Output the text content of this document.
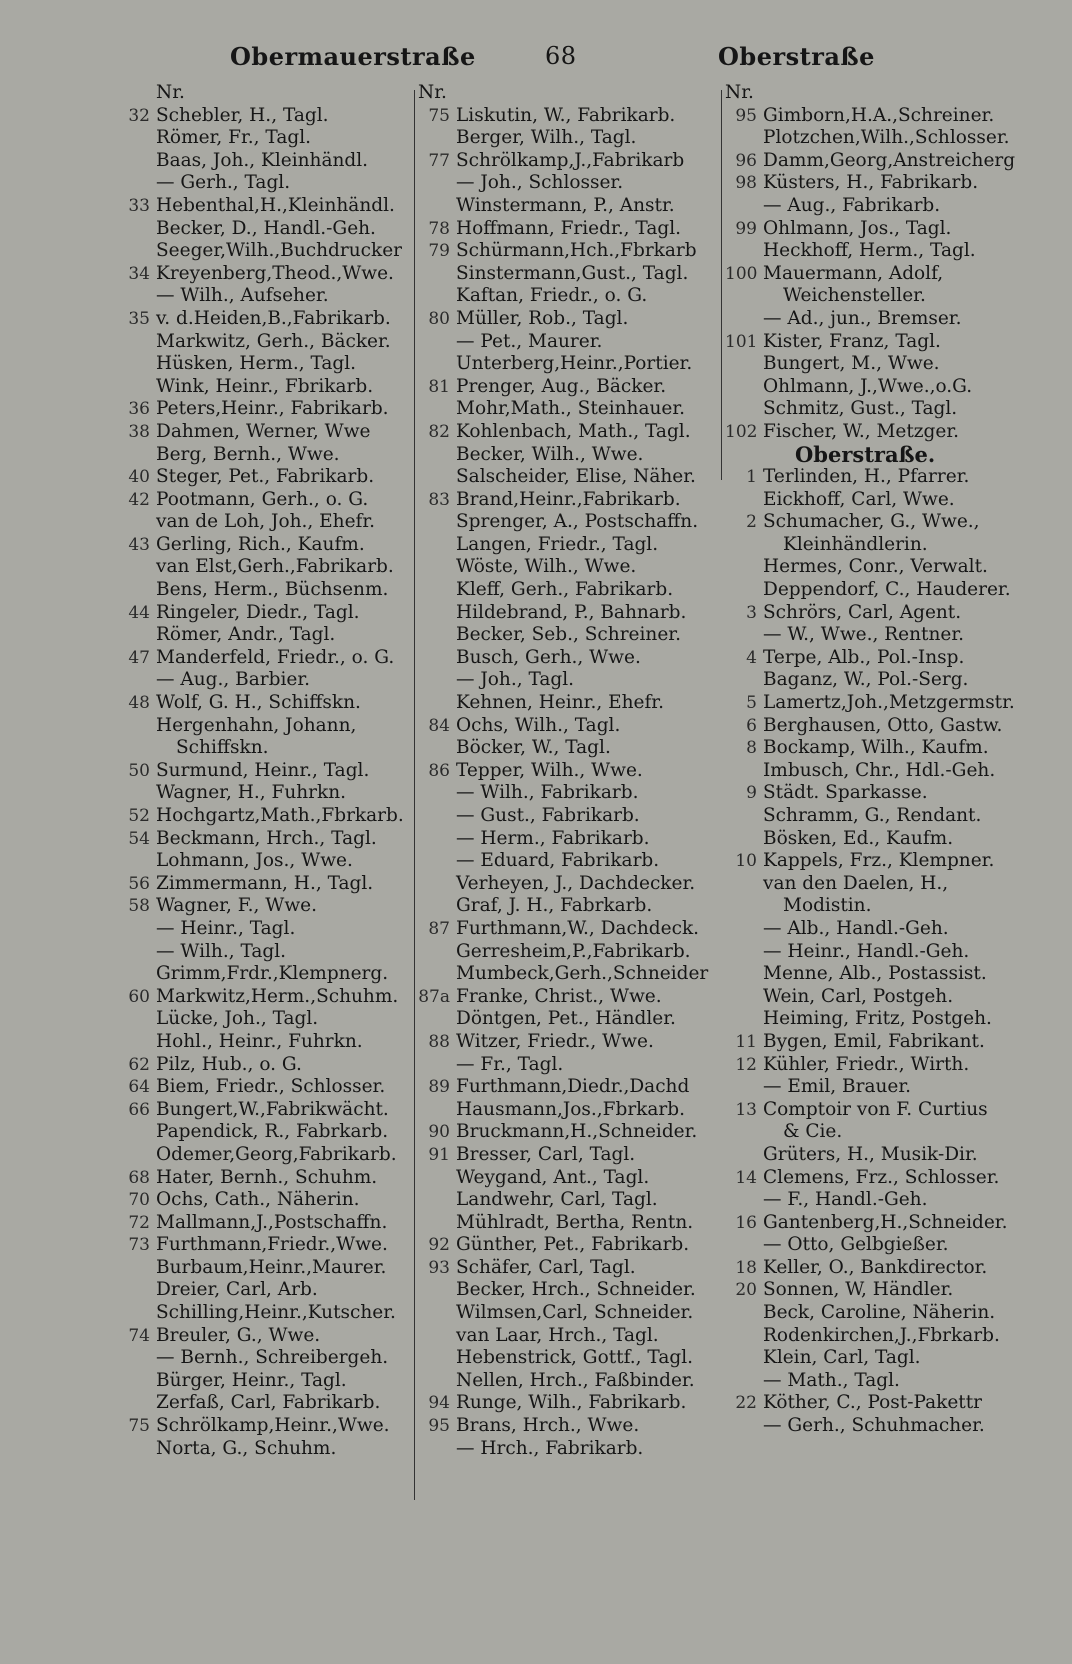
Obermauerstraße	68	Oberstraße
Nr.
32 Schebler, H., Tagl.
Römer, Fr., Tagl.
Baas, Joh., Kleinhändl.
— Gerh., Tagl.
33 Hebenthal,H.,Kleinhändl.
Becker, D., Handl.-Geh.
Seeger,Wilh.,Buchdrucker
34 Kreyenberg,Theod.,Wwe.
— Wilh., Aufseher.
35 v. d.Heiden,B.,Fabrikarb.
Markwitz, Gerh., Bäcker.
Hüsken, Herm., Tagl.
Wink, Heinr., Fbrikarb.
36 Peters,Heinr., Fabrikarb.
38 Dahmen, Werner, Wwe
Berg, Bernh., Wwe.
40 Steger, Pet., Fabrikarb.
42 Pootmann, Gerh., o. G.
van de Loh, Joh., Ehefr.
43 Gerling, Rich., Kaufm.
van Elst,Gerh.,Fabrikarb.
Bens, Herm., Büchsenm.
44 Ringeler, Diedr., Tagl.
Römer, Andr., Tagl.
47 Manderfeld, Friedr., o. G.
— Aug., Barbier.
48 Wolf, G. H., Schiffskn.
Hergenhahn, Johann,
Schiffskn.
50 Surmund, Heinr., Tagl.
Wagner, H., Fuhrkn.
52 Hochgartz,Math.,Fbrkarb.
54 Beckmann, Hrch., Tagl.
Lohmann, Jos., Wwe.
56 Zimmermann, H., Tagl.
58 Wagner, F., Wwe.
— Heinr., Tagl.
— Wilh., Tagl.
Grimm,Frdr.,Klempnerg.
60 Markwitz,Herm.,Schuhm.
Lücke, Joh., Tagl.
Hohl., Heinr., Fuhrkn.
62 Pilz, Hub., o. G.
64 Biem, Friedr., Schlosser.
66 Bungert,W.,Fabrikwächt.
Papendick, R., Fabrkarb.
Odemer,Georg,Fabrikarb.
68 Hater, Bernh., Schuhm.
70 Ochs, Cath., Näherin.
72 Mallmann,J.,Postschaffn.
73 Furthmann,Friedr.,Wwe.
Burbaum,Heinr.,Maurer.
Dreier, Carl, Arb.
Schilling,Heinr.,Kutscher.
74 Breuler, G., Wwe.
— Bernh., Schreibergeh.
Bürger, Heinr., Tagl.
Zerfaß, Carl, Fabrikarb.
75 Schrölkamp,Heinr.,Wwe.
Norta, G., Schuhm.
Nr.
75 Liskutin, W., Fabrikarb.
Berger, Wilh., Tagl.
77 Schrölkamp,J.,Fabrikarb
— Joh., Schlosser.
Winstermann, P., Anstr.
78 Hoffmann, Friedr., Tagl.
79 Schürmann,Hch.,Fbrkarb
Sinstermann,Gust., Tagl.
Kaftan, Friedr., o. G.
80 Müller, Rob., Tagl.
— Pet., Maurer.
Unterberg,Heinr.,Portier.
81 Prenger, Aug., Bäcker.
Mohr,Math., Steinhauer.
82 Kohlenbach, Math., Tagl.
Becker, Wilh., Wwe.
Salscheider, Elise, Näher.
83 Brand,Heinr.,Fabrikarb.
Sprenger, A., Postschaffn.
Langen, Friedr., Tagl.
Wöste, Wilh., Wwe.
Kleff, Gerh., Fabrikarb.
Hildebrand, P., Bahnarb.
Becker, Seb., Schreiner.
Busch, Gerh., Wwe.
— Joh., Tagl.
Kehnen, Heinr., Ehefr.
84 Ochs, Wilh., Tagl.
Böcker, W., Tagl.
86 Tepper, Wilh., Wwe.
— Wilh., Fabrikarb.
— Gust., Fabrikarb.
— Herm., Fabrikarb.
— Eduard, Fabrikarb.
Verheyen, J., Dachdecker.
Graf, J. H., Fabrkarb.
87 Furthmann,W., Dachdeck.
Gerresheim,P.,Fabrikarb.
Mumbeck,Gerh.,Schneider
87a Franke, Christ., Wwe.
Döntgen, Pet., Händler.
88 Witzer, Friedr., Wwe.
— Fr., Tagl.
89 Furthmann,Diedr.,Dachd
Hausmann,Jos.,Fbrkarb.
90 Bruckmann,H.,Schneider.
91 Bresser, Carl, Tagl.
Weygand, Ant., Tagl.
Landwehr, Carl, Tagl.
Mühlradt, Bertha, Rentn.
92 Günther, Pet., Fabrikarb.
93 Schäfer, Carl, Tagl.
Becker, Hrch., Schneider.
Wilmsen,Carl, Schneider.
van Laar, Hrch., Tagl.
Hebenstrick, Gottf., Tagl.
Nellen, Hrch., Faßbinder.
94 Runge, Wilh., Fabrikarb.
95 Brans, Hrch., Wwe.
— Hrch., Fabrikarb.
Nr.
95 Gimborn,H.A.,Schreiner.
Plotzchen,Wilh.,Schlosser.
96 Damm,Georg,Anstreicherg
98 Küsters, H., Fabrikarb.
— Aug., Fabrikarb.
99 Ohlmann, Jos., Tagl.
Heckhoff, Herm., Tagl.
100 Mauermann, Adolf,
Weichensteller.
— Ad., jun., Bremser.
101 Kister, Franz, Tagl.
Bungert, M., Wwe.
Ohlmann, J.,Wwe.,o.G.
Schmitz, Gust., Tagl.
102 Fischer, W., Metzger.
Oberstraße.
1 Terlinden, H., Pfarrer.
Eickhoff, Carl, Wwe.
2 Schumacher, G., Wwe.,
Kleinhändlerin.
Hermes, Conr., Verwalt.
Deppendorf, C., Hauderer.
3 Schrörs, Carl, Agent.
— W., Wwe., Rentner.
4 Terpe, Alb., Pol.-Insp.
Baganz, W., Pol.-Serg.
5 Lamertz,Joh.,Metzgermstr.
6 Berghausen, Otto, Gastw.
8 Bockamp, Wilh., Kaufm.
Imbusch, Chr., Hdl.-Geh.
9 Städt. Sparkasse.
Schramm, G., Rendant.
Bösken, Ed., Kaufm.
10 Kappels, Frz., Klempner.
van den Daelen, H.,
Modistin.
— Alb., Handl.-Geh.
— Heinr., Handl.-Geh.
Menne, Alb., Postassist.
Wein, Carl, Postgeh.
Heiming, Fritz, Postgeh.
11 Bygen, Emil, Fabrikant.
12 Kühler, Friedr., Wirth.
— Emil, Brauer.
13 Comptoir von F. Curtius
& Cie.
Grüters, H., Musik-Dir.
14 Clemens, Frz., Schlosser.
— F., Handl.-Geh.
16 Gantenberg,H.,Schneider.
— Otto, Gelbgießer.
18 Keller, O., Bankdirector.
20 Sonnen, W, Händler.
Beck, Caroline, Näherin.
Rodenkirchen,J.,Fbrkarb.
Klein, Carl, Tagl.
— Math., Tagl.
22 Köther, C., Post-Pakettr
— Gerh., Schuhmacher.
